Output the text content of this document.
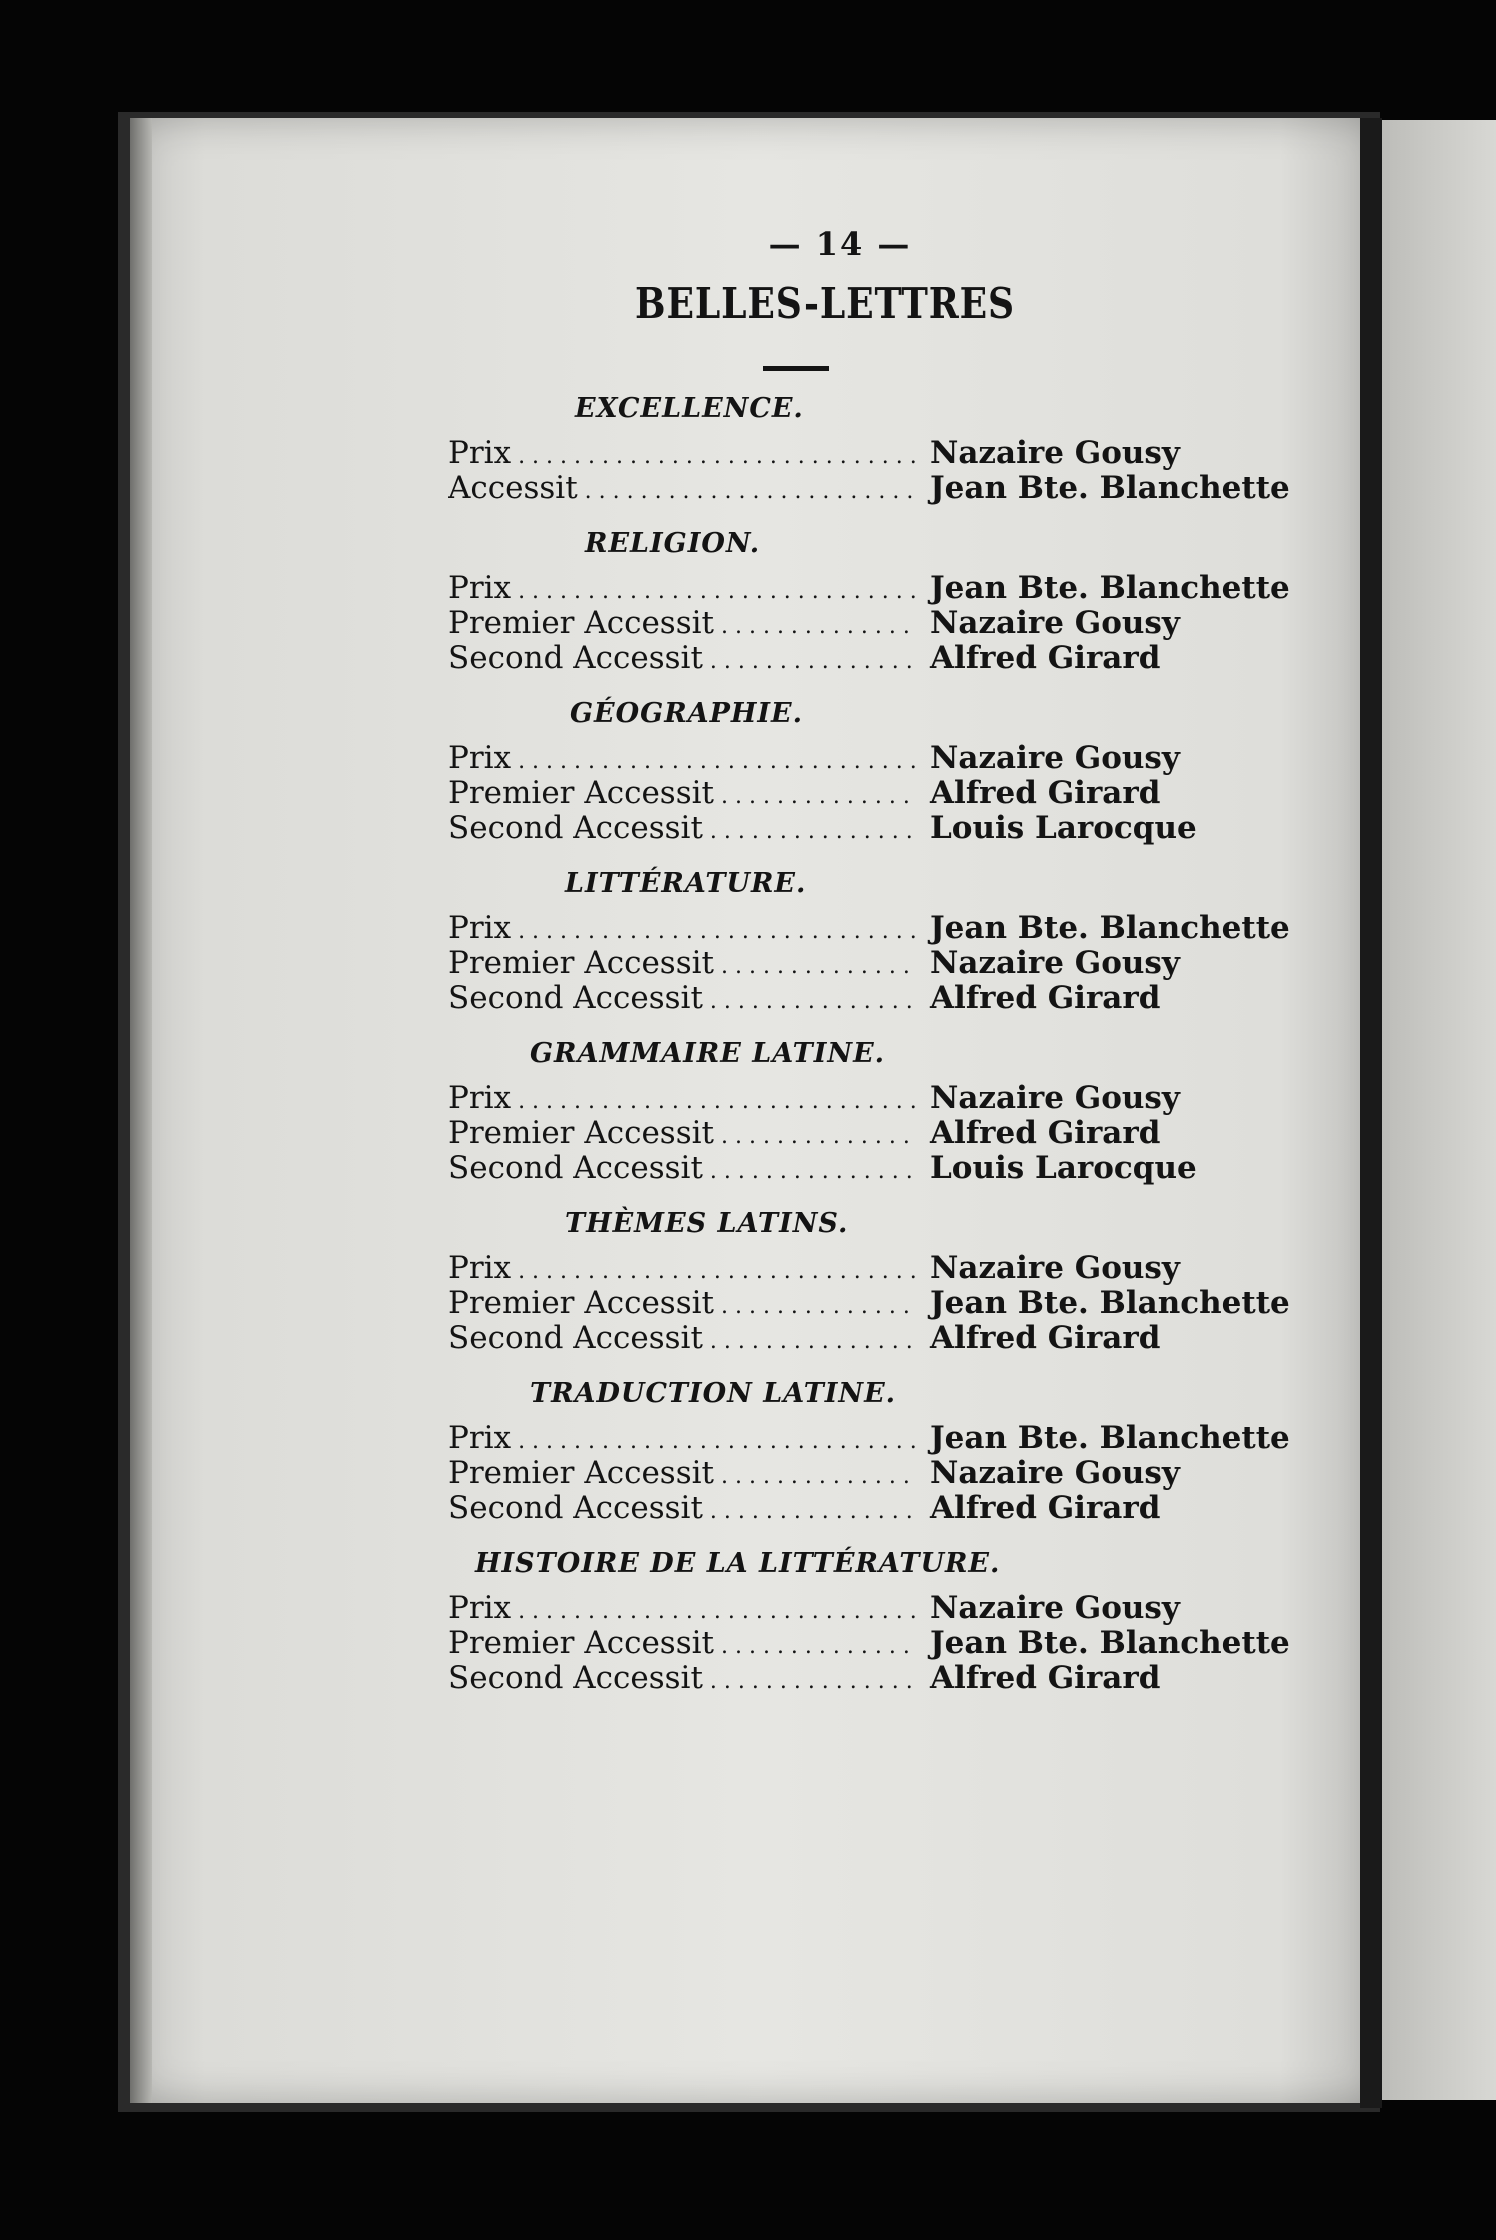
— 14 —
BELLES-LETTRES
EXCELLENCE.
Prix . . .	Nazaire Gousy
Accessit . . .	Jean Bte. Blanchette
RELIGION.
Prix . . .	Jean Bte. Blanchette
Premier Accessit . . .	Nazaire Gousy
Second Accessit . . .	Alfred Girard
GÉOGRAPHIE.
Prix . . .	Nazaire Gousy
Premier Accessit . . .	Alfred Girard
Second Accessit . . .	Louis Larocque
LITTÉRATURE.
Prix . . .	Jean Bte. Blanchette
Premier Accessit . . .	Nazaire Gousy
Second Accessit . . .	Alfred Girard
GRAMMAIRE LATINE.
Prix . . .	Nazaire Gousy
Premier Accessit . . .	Alfred Girard
Second Accessit . . .	Louis Larocque
THÈMES LATINS.
Prix . . .	Nazaire Gousy
Premier Accessit . . .	Jean Bte. Blanchette
Second Accessit . . .	Alfred Girard
TRADUCTION LATINE.
Prix . . .	Jean Bte. Blanchette
Premier Accessit . . .	Nazaire Gousy
Second Accessit . . .	Alfred Girard
HISTOIRE DE LA LITTÉRATURE.
Prix . . .	Nazaire Gousy
Premier Accessit . . .	Jean Bte. Blanchette
Second Accessit . . .	Alfred Girard
